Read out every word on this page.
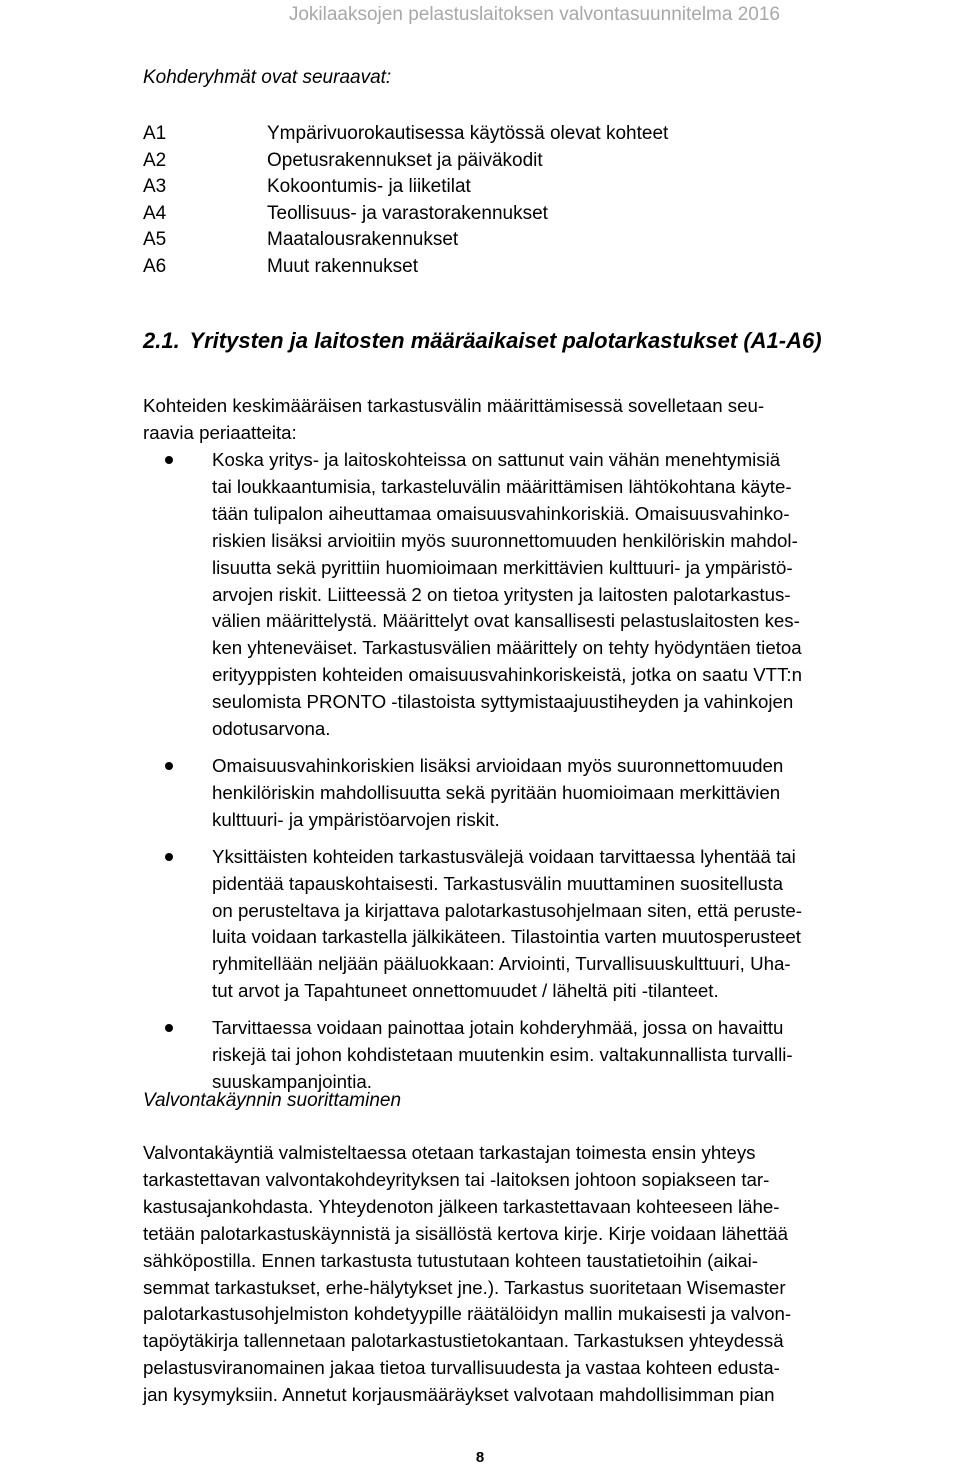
Jokilaaksojen pelastuslaitoksen valvontasuunnitelma 2016
Kohderyhmät ovat seuraavat:
A1	Ympärivuorokautisessa käytössä olevat kohteet
A2	Opetusrakennukset ja päiväkodit
A3	Kokoontumis- ja liiketilat
A4	Teollisuus- ja varastorakennukset
A5	Maatalousrakennukset
A6	Muut rakennukset
2.1. Yritysten ja laitosten määräaikaiset palotarkastukset (A1-A6)
Kohteiden keskimääräisen tarkastusvälin määrittämisessä sovelletaan seu-
raavia periaatteita:
Koska yritys- ja laitoskohteissa on sattunut vain vähän menehtymisiä
tai loukkaantumisia, tarkasteluvälin määrittämisen lähtökohtana käyte-
tään tulipalon aiheuttamaa omaisuusvahinkoriskiä. Omaisuusvahinko-
riskien lisäksi arvioitiin myös suuronnettomuuden henkilöriskin mahdol-
lisuutta sekä pyrittiin huomioimaan merkittävien kulttuuri- ja ympäristö-
arvojen riskit. Liitteessä 2 on tietoa yritysten ja laitosten palotarkastus-
välien määrittelystä. Määrittelyt ovat kansallisesti pelastuslaitosten kes-
ken yhteneväiset. Tarkastusvälien määrittely on tehty hyödyntäen tietoa
erityyppisten kohteiden omaisuusvahinkoriskeistä, jotka on saatu VTT:n
seulomista PRONTO -tilastoista syttymistaajuustiheyden ja vahinkojen
odotusarvona.
Omaisuusvahinkoriskien lisäksi arvioidaan myös suuronnettomuuden
henkilöriskin mahdollisuutta sekä pyritään huomioimaan merkittävien
kulttuuri- ja ympäristöarvojen riskit.
Yksittäisten kohteiden tarkastusvälejä voidaan tarvittaessa lyhentää tai
pidentää tapauskohtaisesti. Tarkastusvälin muuttaminen suositellusta
on perusteltava ja kirjattava palotarkastusohjelmaan siten, että peruste-
luita voidaan tarkastella jälkikäteen. Tilastointia varten muutosperusteet
ryhmitellään neljään pääluokkaan: Arviointi, Turvallisuuskulttuuri, Uha-
tut arvot ja Tapahtuneet onnettomuudet / läheltä piti -tilanteet.
Tarvittaessa voidaan painottaa jotain kohderyhmää, jossa on havaittu
riskejä tai johon kohdistetaan muutenkin esim. valtakunnallista turvalli-
suuskampanjointia.
Valvontakäynnin suorittaminen
Valvontakäyntiä valmisteltaessa otetaan tarkastajan toimesta ensin yhteys
tarkastettavan valvontakohdeyrityksen tai -laitoksen johtoon sopiakseen tar-
kastusajankohdasta. Yhteydenoton jälkeen tarkastettavaan kohteeseen lähe-
tetään palotarkastuskäynnistä ja sisällöstä kertova kirje. Kirje voidaan lähettää
sähköpostilla. Ennen tarkastusta tutustutaan kohteen taustatietoihin (aikai-
semmat tarkastukset, erhe-hälytykset jne.). Tarkastus suoritetaan Wisemaster
palotarkastusohjelmiston kohdetyypille räätälöidyn mallin mukaisesti ja valvon-
tapöytäkirja tallennetaan palotarkastustietokantaan. Tarkastuksen yhteydessä
pelastusviranomainen jakaa tietoa turvallisuudesta ja vastaa kohteen edusta-
jan kysymyksiin. Annetut korjausmääräykset valvotaan mahdollisimman pian
8
